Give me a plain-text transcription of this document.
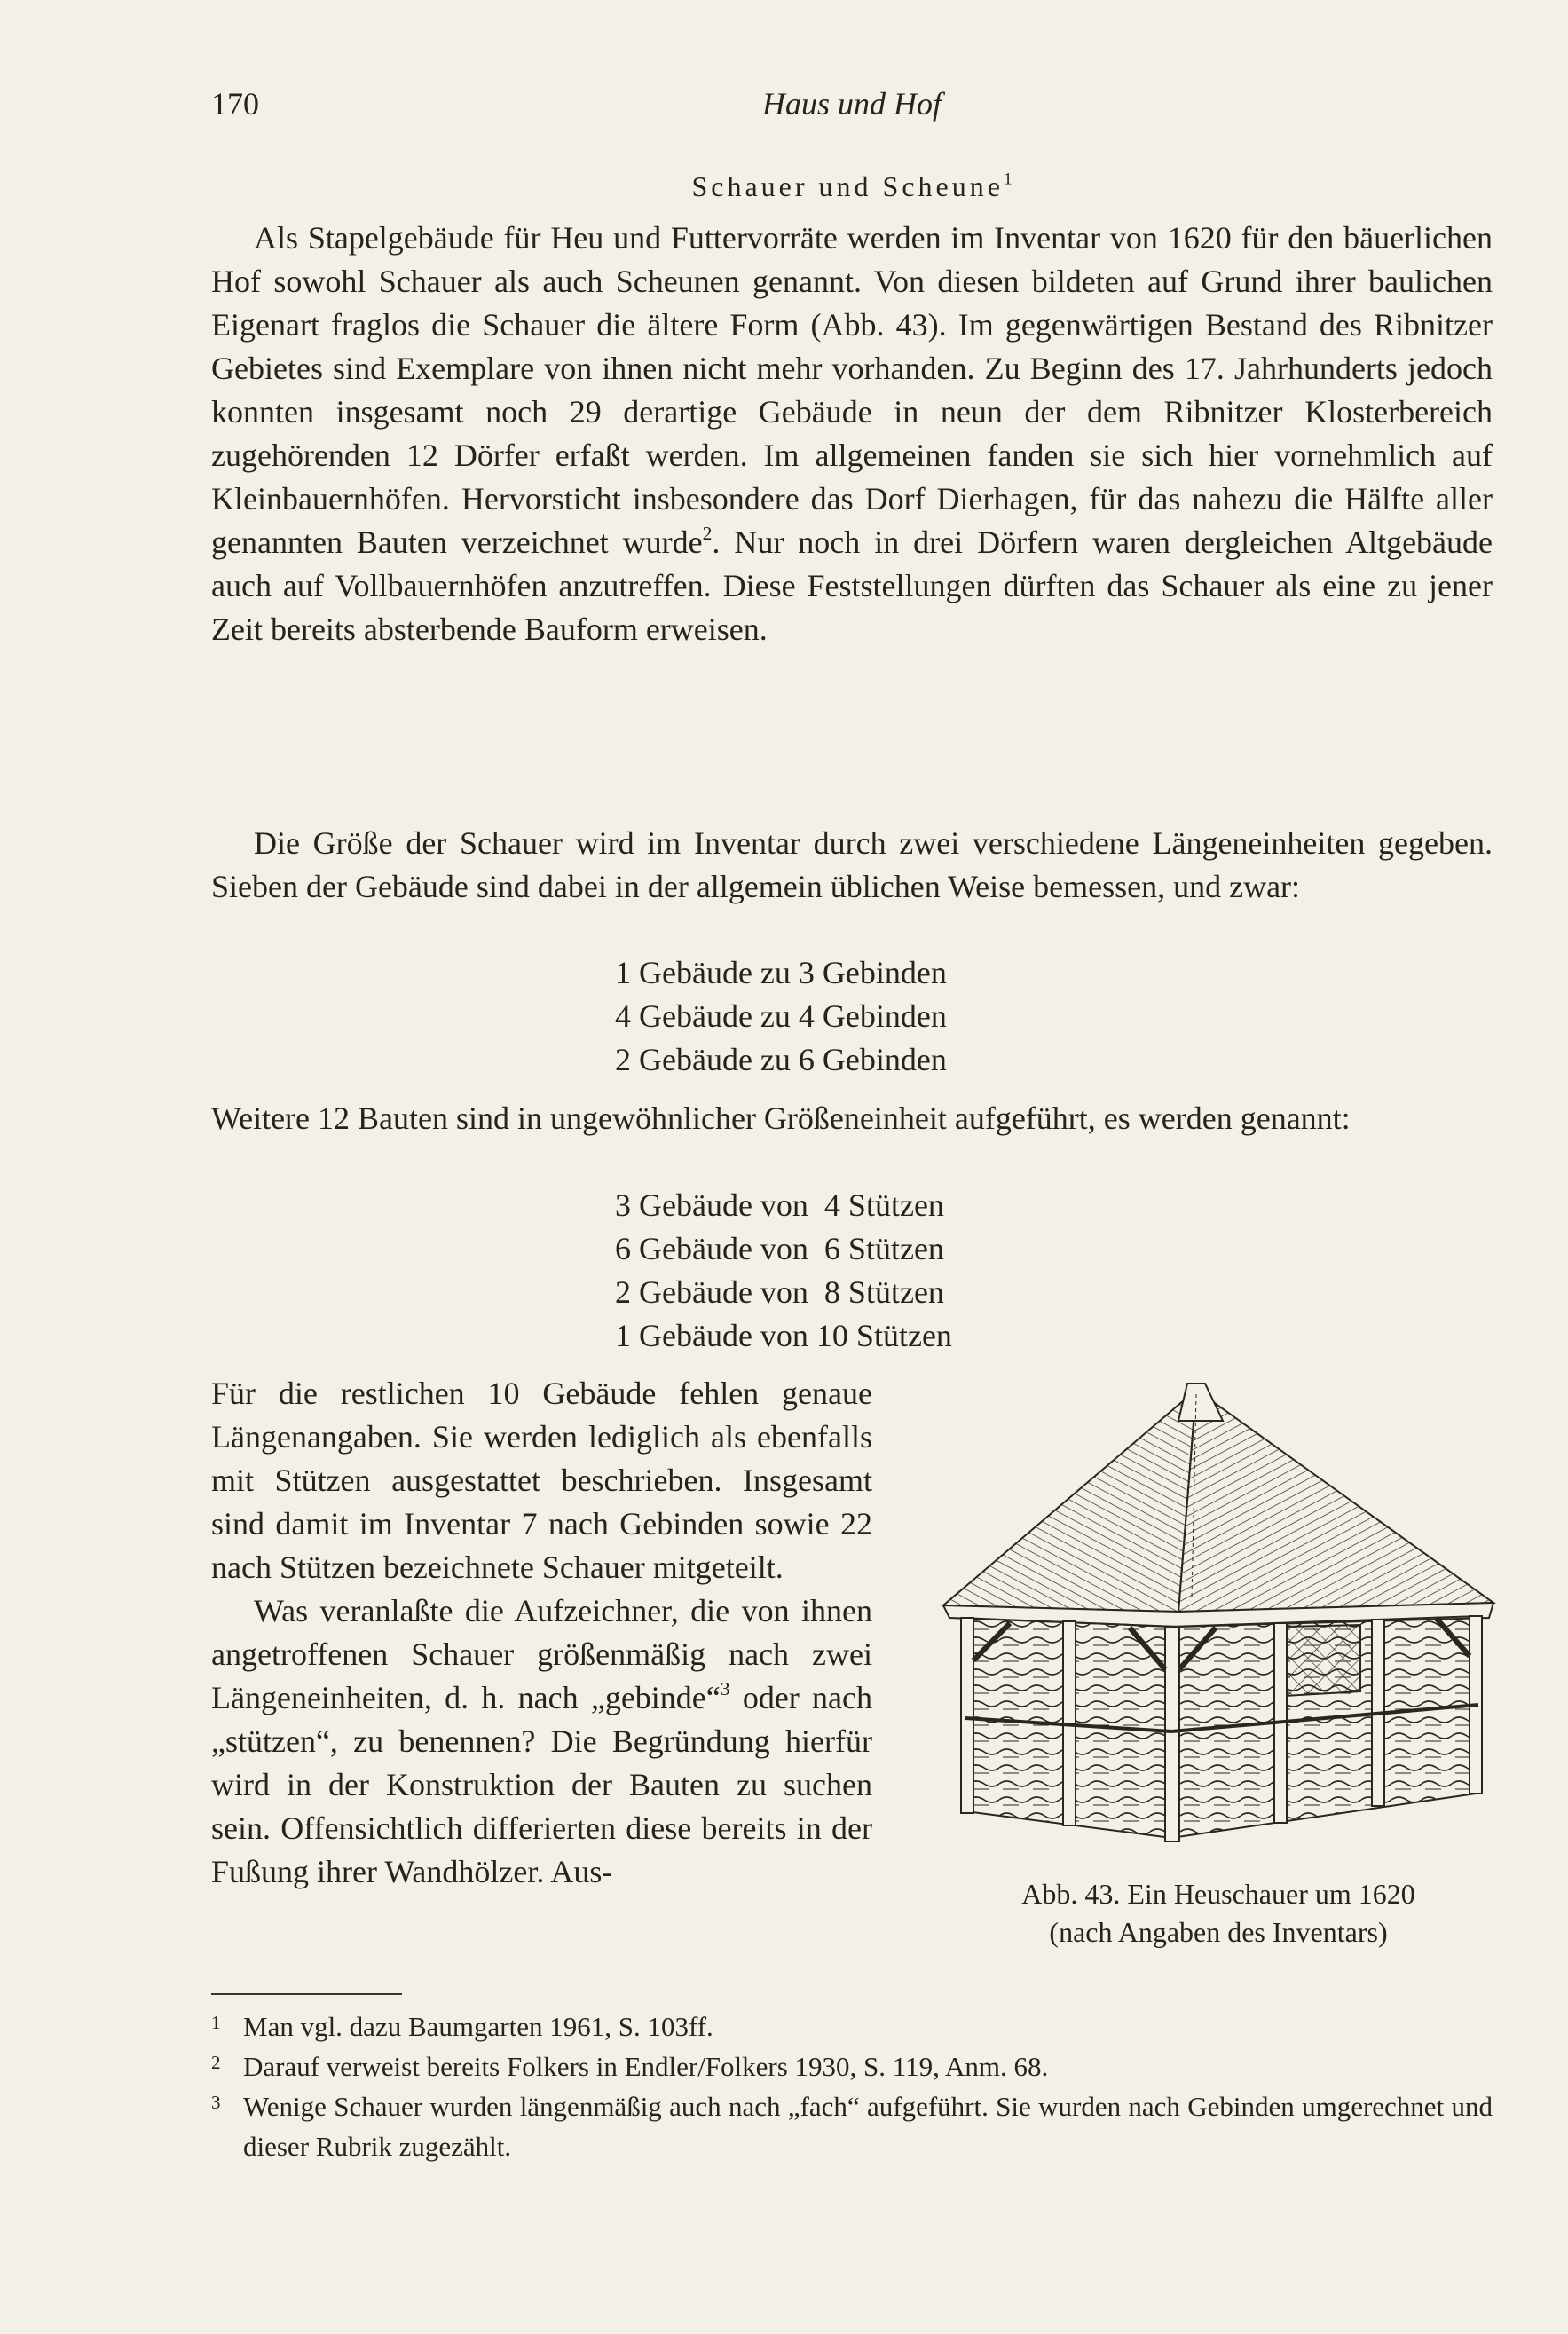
170	Haus und Hof
Schauer und Scheune$^1$

Als Stapelgebäude für Heu und Futtervorräte werden im Inventar von 1620 für den bäuerlichen Hof sowohl Schauer als auch Scheunen genannt. Von diesen bildeten auf Grund ihrer baulichen Eigenart fraglos die Schauer die ältere Form (Abb. 43). Im gegenwärtigen Bestand des Ribnitzer Gebietes sind Exemplare von ihnen nicht mehr vorhanden. Zu Beginn des 17. Jahrhunderts jedoch konnten insgesamt noch 29 derartige Gebäude in neun der dem Ribnitzer Klosterbereich zugehörenden 12 Dörfer erfaßt werden. Im allgemeinen fanden sie sich hier vornehmlich auf Kleinbauernhöfen. Hervorsticht insbesondere das Dorf Dierhagen, für das nahezu die Hälfte aller genannten Bauten verzeichnet wurde$^2$. Nur noch in drei Dörfern waren dergleichen Altgebäude auch auf Vollbauernhöfen anzutreffen. Diese Feststellungen dürften das Schauer als eine zu jener Zeit bereits absterbende Bauform erweisen.

Die Größe der Schauer wird im Inventar durch zwei verschiedene Längeneinheiten gegeben. Sieben der Gebäude sind dabei in der allgemein üblichen Weise bemessen, und zwar:

1 Gebäude zu 3 Gebinden
4 Gebäude zu 4 Gebinden
2 Gebäude zu 6 Gebinden

Weitere 12 Bauten sind in ungewöhnlicher Größeneinheit aufgeführt, es werden genannt:

3 Gebäude von  4 Stützen
6 Gebäude von  6 Stützen
2 Gebäude von  8 Stützen
1 Gebäude von 10 Stützen

Für die restlichen 10 Gebäude fehlen genaue Längenangaben. Sie werden lediglich als ebenfalls mit Stützen ausgestattet beschrieben. Insgesamt sind damit im Inventar 7 nach Gebinden sowie 22 nach Stützen bezeichnete Schauer mitgeteilt.

Was veranlaßte die Aufzeichner, die von ihnen angetroffenen Schauer größenmäßig nach zwei Längeneinheiten, d. h. nach „gebinde“$^3$ oder nach „stützen“, zu benennen? Die Begründung hierfür wird in der Konstruktion der Bauten zu suchen sein. Offensichtlich differierten diese bereits in der Fußung ihrer Wandhölzer. Aus-

Abb. 43. Ein Heuschauer um 1620
(nach Angaben des Inventars)
1 Man vgl. dazu Baumgarten 1961, S. 103ff.
2 Darauf verweist bereits Folkers in Endler/Folkers 1930, S. 119, Anm. 68.
3 Wenige Schauer wurden längenmäßig auch nach „fach“ aufgeführt. Sie wurden nach Gebinden umgerechnet und dieser Rubrik zugezählt.
